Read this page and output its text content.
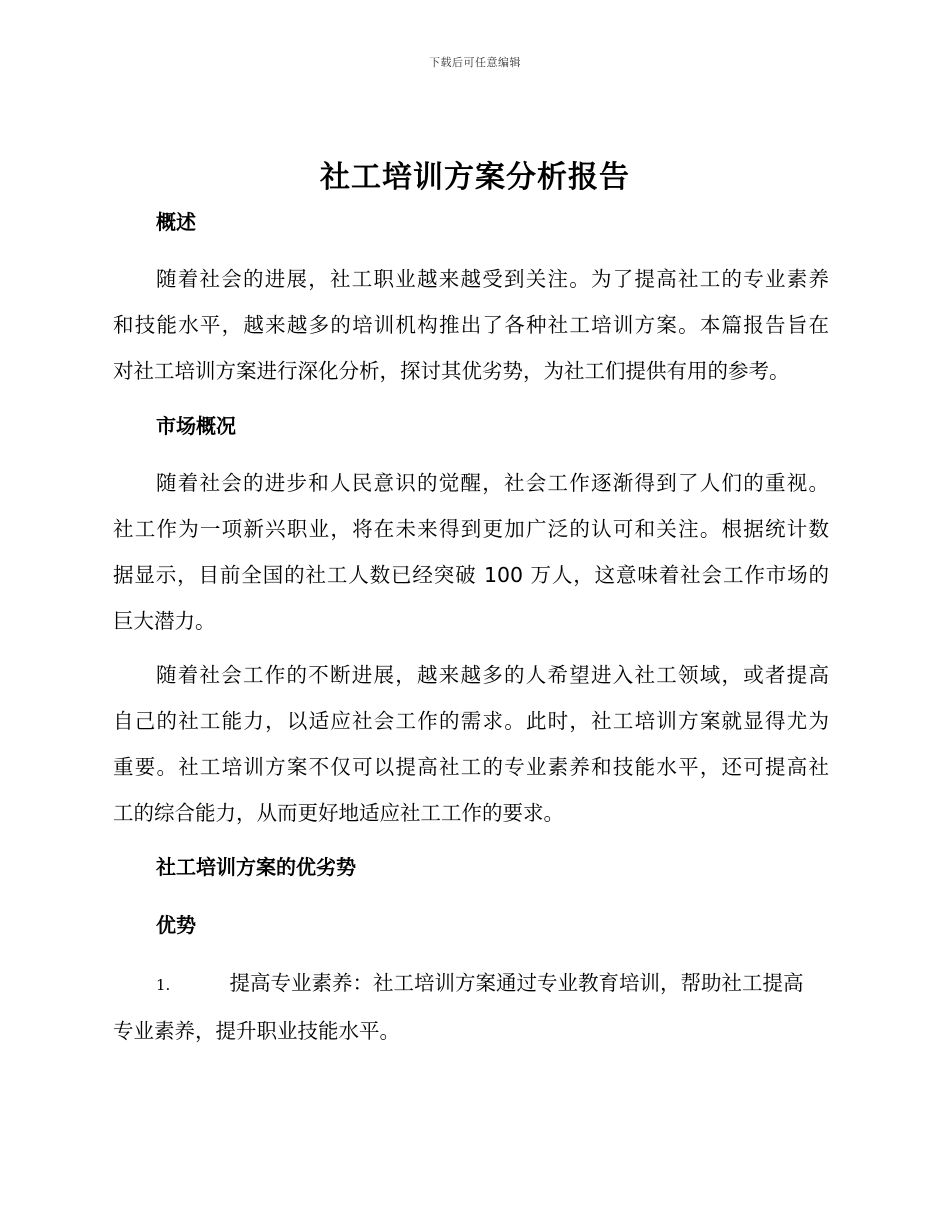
下载后可任意编辑
社工培训方案分析报告
概述
随着社会的进展，社工职业越来越受到关注。为了提高社工的专业素养
和技能水平，越来越多的培训机构推出了各种社工培训方案。本篇报告旨在
对社工培训方案进行深化分析，探讨其优劣势，为社工们提供有用的参考。
市场概况
随着社会的进步和人民意识的觉醒，社会工作逐渐得到了人们的重视。
社工作为一项新兴职业，将在未来得到更加广泛的认可和关注。根据统计数
据显示，目前全国的社工人数已经突破 100 万人，这意味着社会工作市场的
巨大潜力。
随着社会工作的不断进展，越来越多的人希望进入社工领域，或者提高
自己的社工能力，以适应社会工作的需求。此时，社工培训方案就显得尤为
重要。社工培训方案不仅可以提高社工的专业素养和技能水平，还可提高社
工的综合能力，从而更好地适应社工工作的要求。
社工培训方案的优劣势
优势
1.	提高专业素养：社工培训方案通过专业教育培训，帮助社工提高
专业素养，提升职业技能水平。
